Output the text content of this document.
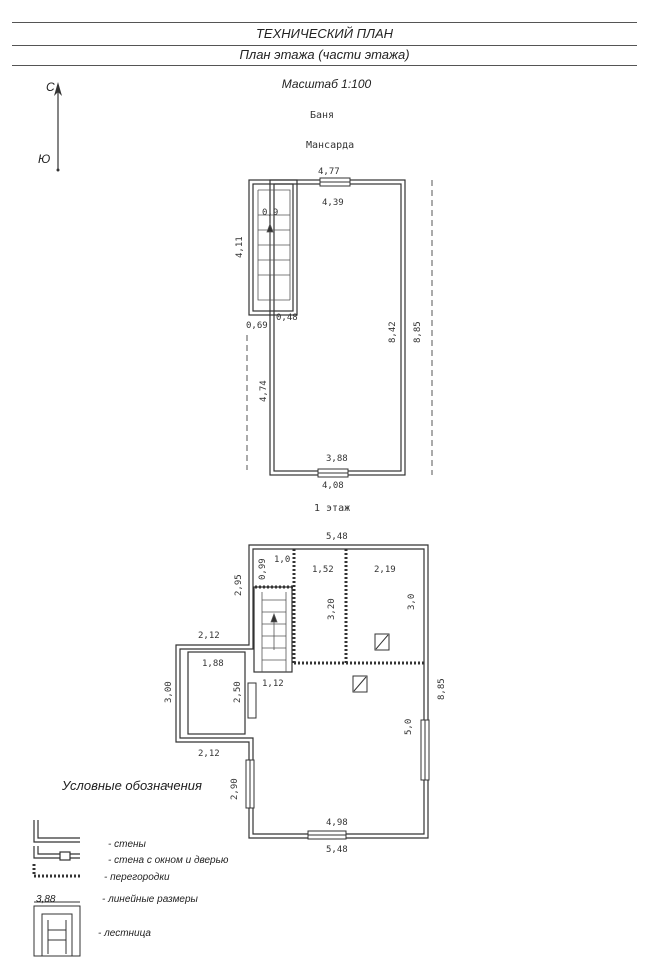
ТЕХНИЧЕСКИЙ ПЛАН
План этажа (части этажа)
Масштаб 1:100
С
Ю
Баня
Мансарда
1 этаж
4,77
4,39
0,9
4,11
0,69
0,48
4,74
8,42 8,85
3,88
4,08
5,48
1,0
0,99	1,52
3,20
2,19
3,0
2,95
2,12
1,88
3,00	2,50
2,12
1,12
5,0
8,85
2,90
4,98
5,48
Условные обозначения
3,88
- стены
- стена с окном и дверью
- перегородки
- линейные размеры
- лестница
